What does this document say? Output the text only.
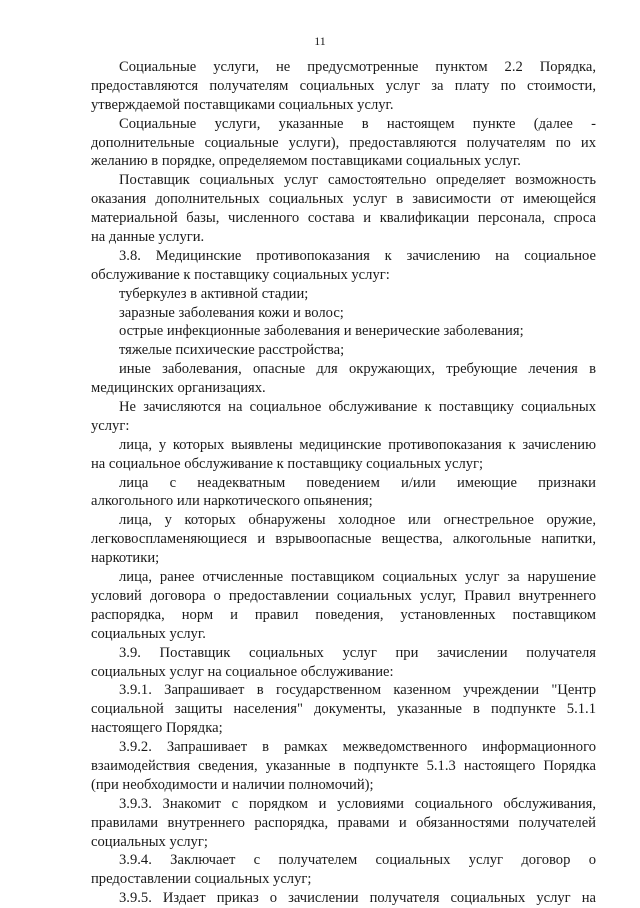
11
Социальные услуги, не предусмотренные пунктом 2.2 Порядка,
предоставляются получателям социальных услуг за плату по стоимости,
утверждаемой поставщиками социальных услуг.
Социальные услуги, указанные в настоящем пункте (далее -
дополнительные социальные услуги), предоставляются получателям по их
желанию в порядке, определяемом поставщиками социальных услуг.
Поставщик социальных услуг самостоятельно определяет возможность
оказания дополнительных социальных услуг в зависимости от имеющейся
материальной базы, численного состава и квалификации персонала, спроса
на данные услуги.
3.8. Медицинские противопоказания к зачислению на социальное
обслуживание к поставщику социальных услуг:
туберкулез в активной стадии;
заразные заболевания кожи и волос;
острые инфекционные заболевания и венерические заболевания;
тяжелые психические расстройства;
иные заболевания, опасные для окружающих, требующие лечения в
медицинских организациях.
Не зачисляются на социальное обслуживание к поставщику социальных
услуг:
лица, у которых выявлены медицинские противопоказания к зачислению
на социальное обслуживание к поставщику социальных услуг;
лица с неадекватным поведением и/или имеющие признаки
алкогольного или наркотического опьянения;
лица, у которых обнаружены холодное или огнестрельное оружие,
легковоспламеняющиеся и взрывоопасные вещества, алкогольные напитки,
наркотики;
лица, ранее отчисленные поставщиком социальных услуг за нарушение
условий договора о предоставлении социальных услуг, Правил внутреннего
распорядка, норм и правил поведения, установленных поставщиком
социальных услуг.
3.9. Поставщик социальных услуг при зачислении получателя
социальных услуг на социальное обслуживание:
3.9.1. Запрашивает в государственном казенном учреждении "Центр
социальной защиты населения" документы, указанные в подпункте 5.1.1
настоящего Порядка;
3.9.2. Запрашивает в рамках межведомственного информационного
взаимодействия сведения, указанные в подпункте 5.1.3 настоящего Порядка
(при необходимости и наличии полномочий);
3.9.3. Знакомит с порядком и условиями социального обслуживания,
правилами внутреннего распорядка, правами и обязанностями получателей
социальных услуг;
3.9.4. Заключает с получателем социальных услуг договор о
предоставлении социальных услуг;
3.9.5. Издает приказ о зачислении получателя социальных услуг на
